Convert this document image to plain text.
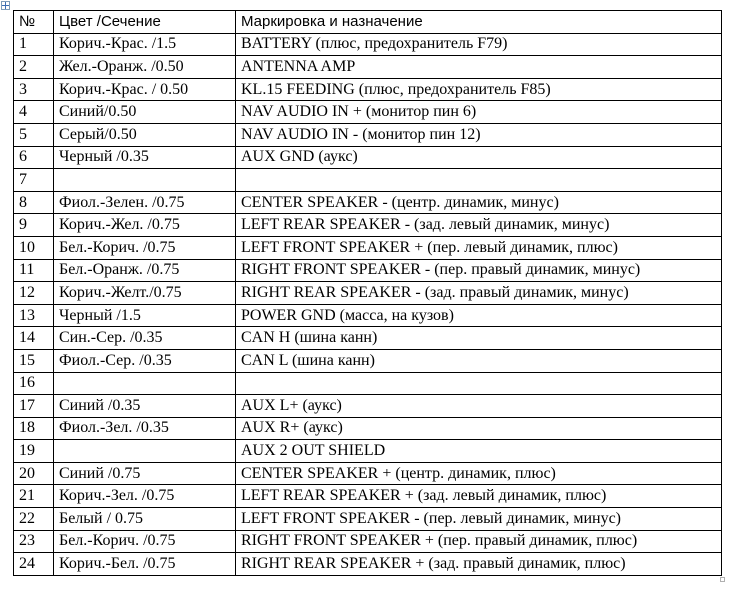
№	Цвет /Сечение	Маркировка и назначение
1	Корич.-Крас. /1.5	BATTERY (плюс, предохранитель F79)
2	Жел.-Оранж. /0.50	ANTENNA AMP
3	Корич.-Крас. / 0.50	KL.15 FEEDING (плюс, предохранитель F85)
4	Синий/0.50	NAV AUDIO IN + (монитор пин 6)
5	Серый/0.50	NAV AUDIO IN - (монитор пин 12)
6	Черный /0.35	AUX GND (аукс)
7		
8	Фиол.-Зелен. /0.75	CENTER SPEAKER - (центр. динамик, минус)
9	Корич.-Жел. /0.75	LEFT REAR SPEAKER - (зад. левый динамик, минус)
10	Бел.-Корич. /0.75	LEFT FRONT SPEAKER + (пер. левый динамик, плюс)
11	Бел.-Оранж. /0.75	RIGHT FRONT SPEAKER - (пер. правый динамик, минус)
12	Корич.-Желт./0.75	RIGHT REAR SPEAKER - (зад. правый динамик, минус)
13	Черный /1.5	POWER GND (масса, на кузов)
14	Син.-Сер. /0.35	CAN H (шина канн)
15	Фиол.-Сер. /0.35	CAN L (шина канн)
16		
17	Синий /0.35	AUX L+ (аукс)
18	Фиол.-Зел. /0.35	AUX R+ (аукс)
19		AUX 2 OUT SHIELD
20	Синий /0.75	CENTER SPEAKER + (центр. динамик, плюс)
21	Корич.-Зел. /0.75	LEFT REAR SPEAKER + (зад. левый динамик, плюс)
22	Белый / 0.75	LEFT FRONT SPEAKER - (пер. левый динамик, минус)
23	Бел.-Корич. /0.75	RIGHT FRONT SPEAKER + (пер. правый динамик, плюс)
24	Корич.-Бел. /0.75	RIGHT REAR SPEAKER + (зад. правый динамик, плюс)
